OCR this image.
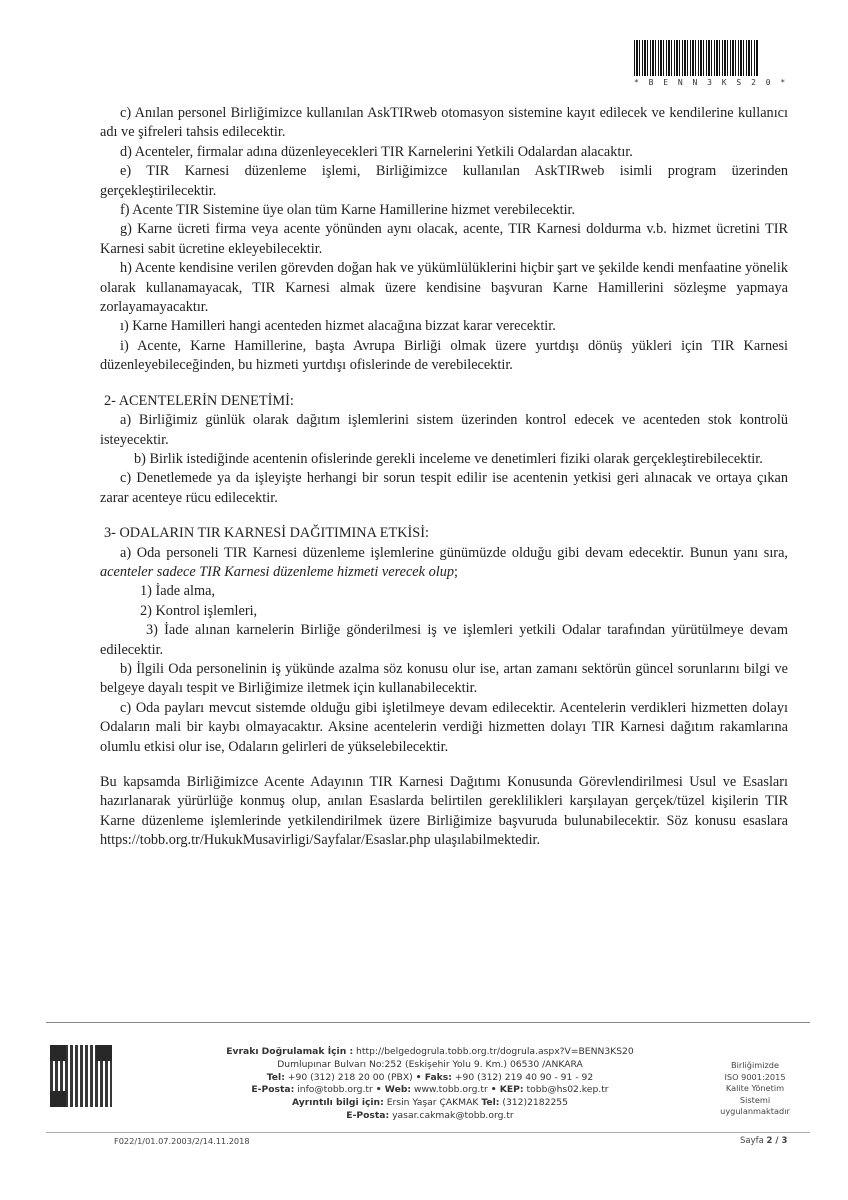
* B E N N 3 K S 2 0 *

c) Anılan personel Birliğimizce kullanılan AskTIRweb otomasyon sistemine kayıt edilecek ve kendilerine kullanıcı adı ve şifreleri tahsis edilecektir.

d) Acenteler, firmalar adına düzenleyecekleri TIR Karnelerini Yetkili Odalardan alacaktır.

e) TIR Karnesi düzenleme işlemi, Birliğimizce kullanılan AskTIRweb isimli program üzerinden gerçekleştirilecektir.

f) Acente TIR Sistemine üye olan tüm Karne Hamillerine hizmet verebilecektir.

g) Karne ücreti firma veya acente yönünden aynı olacak, acente, TIR Karnesi doldurma v.b. hizmet ücretini TIR Karnesi sabit ücretine ekleyebilecektir.

h) Acente kendisine verilen görevden doğan hak ve yükümlülüklerini hiçbir şart ve şekilde kendi menfaatine yönelik olarak kullanamayacak, TIR Karnesi almak üzere kendisine başvuran Karne Hamillerini sözleşme yapmaya zorlayamayacaktır.

ı) Karne Hamilleri hangi acenteden hizmet alacağına bizzat karar verecektir.

i) Acente, Karne Hamillerine, başta Avrupa Birliği olmak üzere yurtdışı dönüş yükleri için TIR Karnesi düzenleyebileceğinden, bu hizmeti yurtdışı ofislerinde de verebilecektir.

2- ACENTELERİN DENETİMİ:

a) Birliğimiz günlük olarak dağıtım işlemlerini sistem üzerinden kontrol edecek ve acenteden stok kontrolü isteyecektir.

b) Birlik istediğinde acentenin ofislerinde gerekli inceleme ve denetimleri fiziki olarak gerçekleştirebilecektir.

c) Denetlemede ya da işleyişte herhangi bir sorun tespit edilir ise acentenin yetkisi geri alınacak ve ortaya çıkan zarar acenteye rücu edilecektir.

3- ODALARIN TIR KARNESİ DAĞITIMINA ETKİSİ:

a) Oda personeli TIR Karnesi düzenleme işlemlerine günümüzde olduğu gibi devam edecektir. Bunun yanı sıra, acenteler sadece TIR Karnesi düzenleme hizmeti verecek olup;

1) İade alma,

2) Kontrol işlemleri,

3) İade alınan karnelerin Birliğe gönderilmesi iş ve işlemleri yetkili Odalar tarafından yürütülmeye devam edilecektir.

b) İlgili Oda personelinin iş yükünde azalma söz konusu olur ise, artan zamanı sektörün güncel sorunlarını bilgi ve belgeye dayalı tespit ve Birliğimize iletmek için kullanabilecektir.

c) Oda payları mevcut sistemde olduğu gibi işletilmeye devam edilecektir. Acentelerin verdikleri hizmetten dolayı Odaların mali bir kaybı olmayacaktır. Aksine acentelerin verdiği hizmetten dolayı TIR Karnesi dağıtım rakamlarına olumlu etkisi olur ise, Odaların gelirleri de yükselebilecektir.

Bu kapsamda Birliğimizce Acente Adayının TIR Karnesi Dağıtımı Konusunda Görevlendirilmesi Usul ve Esasları hazırlanarak yürürlüğe konmuş olup, anılan Esaslarda belirtilen gereklilikleri karşılayan gerçek/tüzel kişilerin TIR Karne düzenleme işlemlerinde yetkilendirilmek üzere Birliğimize başvuruda bulunabilecektir. Söz konusu esaslara https://tobb.org.tr/HukukMusavirligi/Sayfalar/Esaslar.php ulaşılabilmektedir.

Evrakı Doğrulamak İçin : http://belgedogrula.tobb.org.tr/dogrula.aspx?V=BENN3KS20
Dumlupınar Bulvarı No:252 (Eskişehir Yolu 9. Km.) 06530 /ANKARA
Tel: +90 (312) 218 20 00 (PBX) • Faks: +90 (312) 219 40 90 - 91 - 92
E-Posta: info@tobb.org.tr • Web: www.tobb.org.tr • KEP: tobb@hs02.kep.tr
Ayrıntılı bilgi için: Ersin Yaşar ÇAKMAK Tel: (312)2182255
E-Posta: yasar.cakmak@tobb.org.tr
Birliğimizde
ISO 9001:2015
Kalite Yönetim
Sistemi
uygulanmaktadır
F022/1/01.07.2003/2/14.11.2018	Sayfa 2 / 3
